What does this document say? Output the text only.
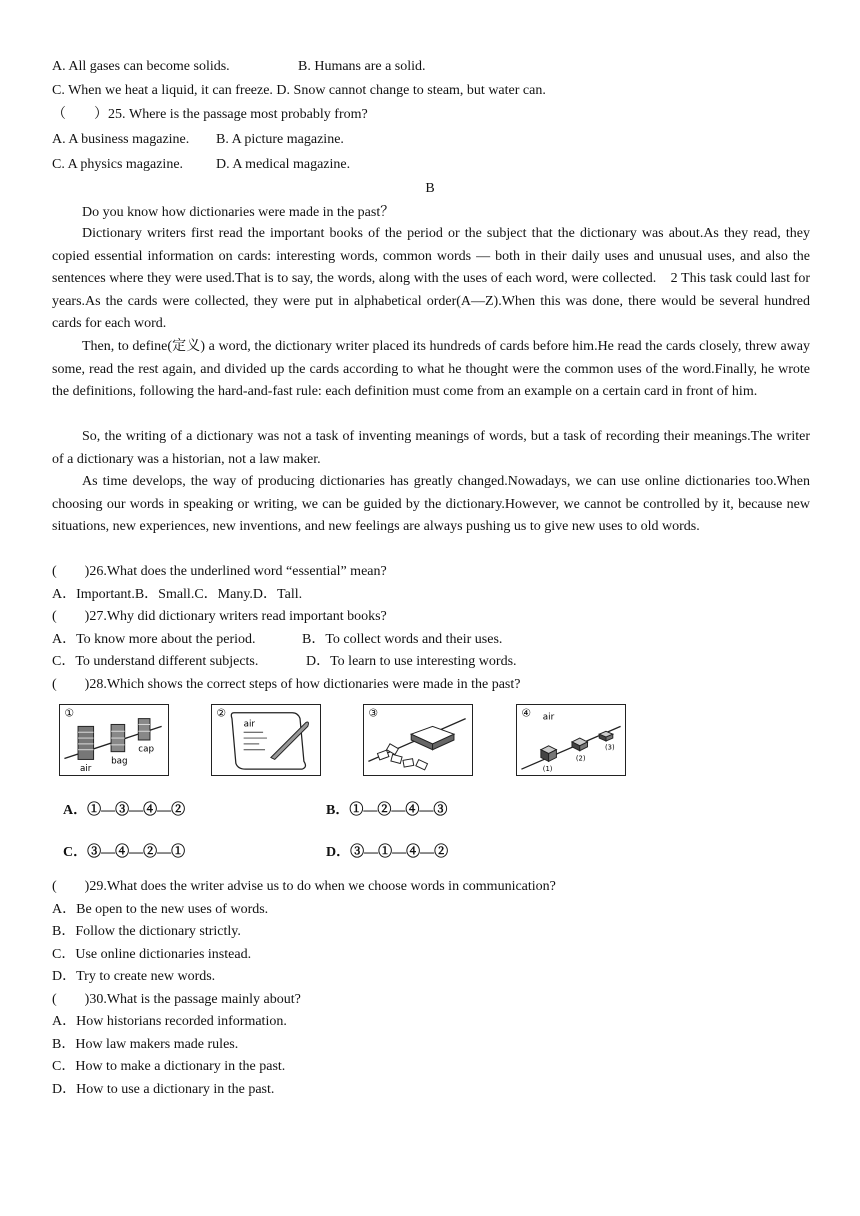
A. All gases can become solids.	B. Humans are a solid.
C. When we heat a liquid, it can freeze. D. Snow cannot change to steam, but water can.
（　　）25. Where is the passage most probably from?
A. A business magazine. B. A picture magazine.
C. A physics magazine. D. A medical magazine.
B
Do you know how dictionaries were made in the past？
Dictionary writers first read the important books of the period or the subject that the dictionary was about.As they read, they copied essential information on cards: interesting words, common words — both in their daily uses and unusual uses, and also the sentences where they were used.That is to say, the words, along with the uses of each word, were collected.　2 This task could last for years.As the cards were collected, they were put in alphabetical order(A—Z).When this was done, there would be several hundred cards for each word.
Then, to define(定义) a word, the dictionary writer placed its hundreds of cards before him.He read the cards closely, threw away some, read the rest again, and divided up the cards according to what he thought were the common uses of the word.Finally, he wrote the definitions, following the hard-and-fast rule: each definition must come from an example on a certain card in front of him.
So, the writing of a dictionary was not a task of inventing meanings of words, but a task of recording their meanings.The writer of a dictionary was a historian, not a law maker.
As time develops, the way of producing dictionaries has greatly changed.Nowadays, we can use online dictionaries too.When choosing our words in speaking or writing, we can be guided by the dictionary.However, we cannot be controlled by it, because new situations, new experiences, new inventions, and new feelings are always pushing us to give new uses to old words.
(　　)26.What does the underlined word “essential” mean?
A．Important.B．Small.C．Many.D．Tall.
(　　)27.Why did dictionary writers read important books?
A．To know more about the period.	B．To collect words and their uses.
C．To understand different subjects.	D．To learn to use interesting words.
(　　)28.Which shows the correct steps of how dictionaries were made in the past?
①
air
bag
cap
②
air
③	④ air
(1)
(2)
(3)
A．①—③—④—②	B．①—②—④—③
C．③—④—②—①	D．③—①—④—②
(　　)29.What does the writer advise us to do when we choose words in communication?
A．Be open to the new uses of words.
B．Follow the dictionary strictly.
C．Use online dictionaries instead.
D．Try to create new words.
(　　)30.What is the passage mainly about?
A．How historians recorded information.
B．How law makers made rules.
C．How to make a dictionary in the past.
D．How to use a dictionary in the past.
